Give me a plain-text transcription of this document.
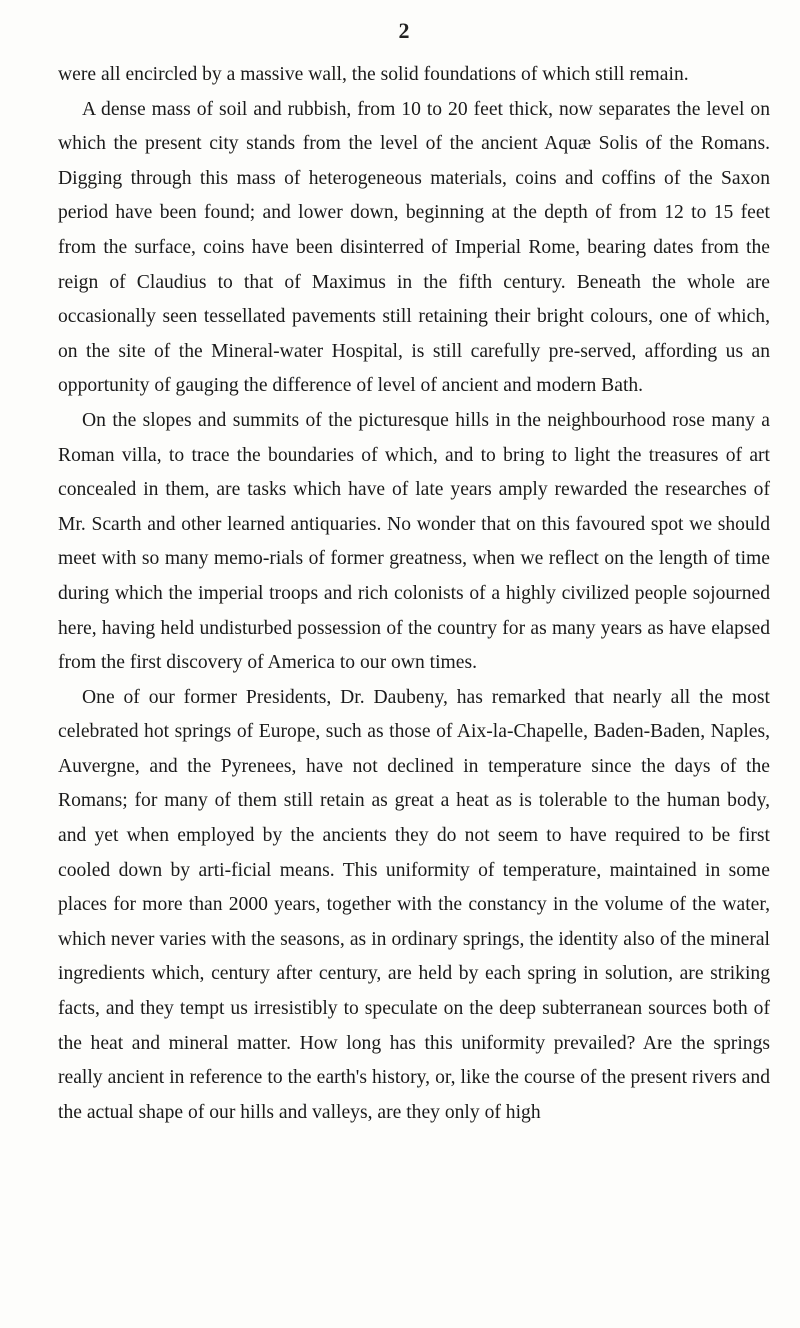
2

were all encircled by a massive wall, the solid foundations of which still remain.

A dense mass of soil and rubbish, from 10 to 20 feet thick, now separates the level on which the present city stands from the level of the ancient Aquæ Solis of the Romans. Digging through this mass of heterogeneous materials, coins and coffins of the Saxon period have been found; and lower down, beginning at the depth of from 12 to 15 feet from the surface, coins have been disinterred of Imperial Rome, bearing dates from the reign of Claudius to that of Maximus in the fifth century. Beneath the whole are occasionally seen tessellated pavements still retaining their bright colours, one of which, on the site of the Mineral-water Hospital, is still carefully pre-served, affording us an opportunity of gauging the difference of level of ancient and modern Bath.

On the slopes and summits of the picturesque hills in the neighbourhood rose many a Roman villa, to trace the boundaries of which, and to bring to light the treasures of art concealed in them, are tasks which have of late years amply rewarded the researches of Mr. Scarth and other learned antiquaries. No wonder that on this favoured spot we should meet with so many memo-rials of former greatness, when we reflect on the length of time during which the imperial troops and rich colonists of a highly civilized people sojourned here, having held undisturbed possession of the country for as many years as have elapsed from the first discovery of America to our own times.

One of our former Presidents, Dr. Daubeny, has remarked that nearly all the most celebrated hot springs of Europe, such as those of Aix-la-Chapelle, Baden-Baden, Naples, Auvergne, and the Pyrenees, have not declined in temperature since the days of the Romans; for many of them still retain as great a heat as is tolerable to the human body, and yet when employed by the ancients they do not seem to have required to be first cooled down by arti-ficial means. This uniformity of temperature, maintained in some places for more than 2000 years, together with the constancy in the volume of the water, which never varies with the seasons, as in ordinary springs, the identity also of the mineral ingredients which, century after century, are held by each spring in solution, are striking facts, and they tempt us irresistibly to speculate on the deep subterranean sources both of the heat and mineral matter. How long has this uniformity prevailed? Are the springs really ancient in reference to the earth's history, or, like the course of the present rivers and the actual shape of our hills and valleys, are they only of high
